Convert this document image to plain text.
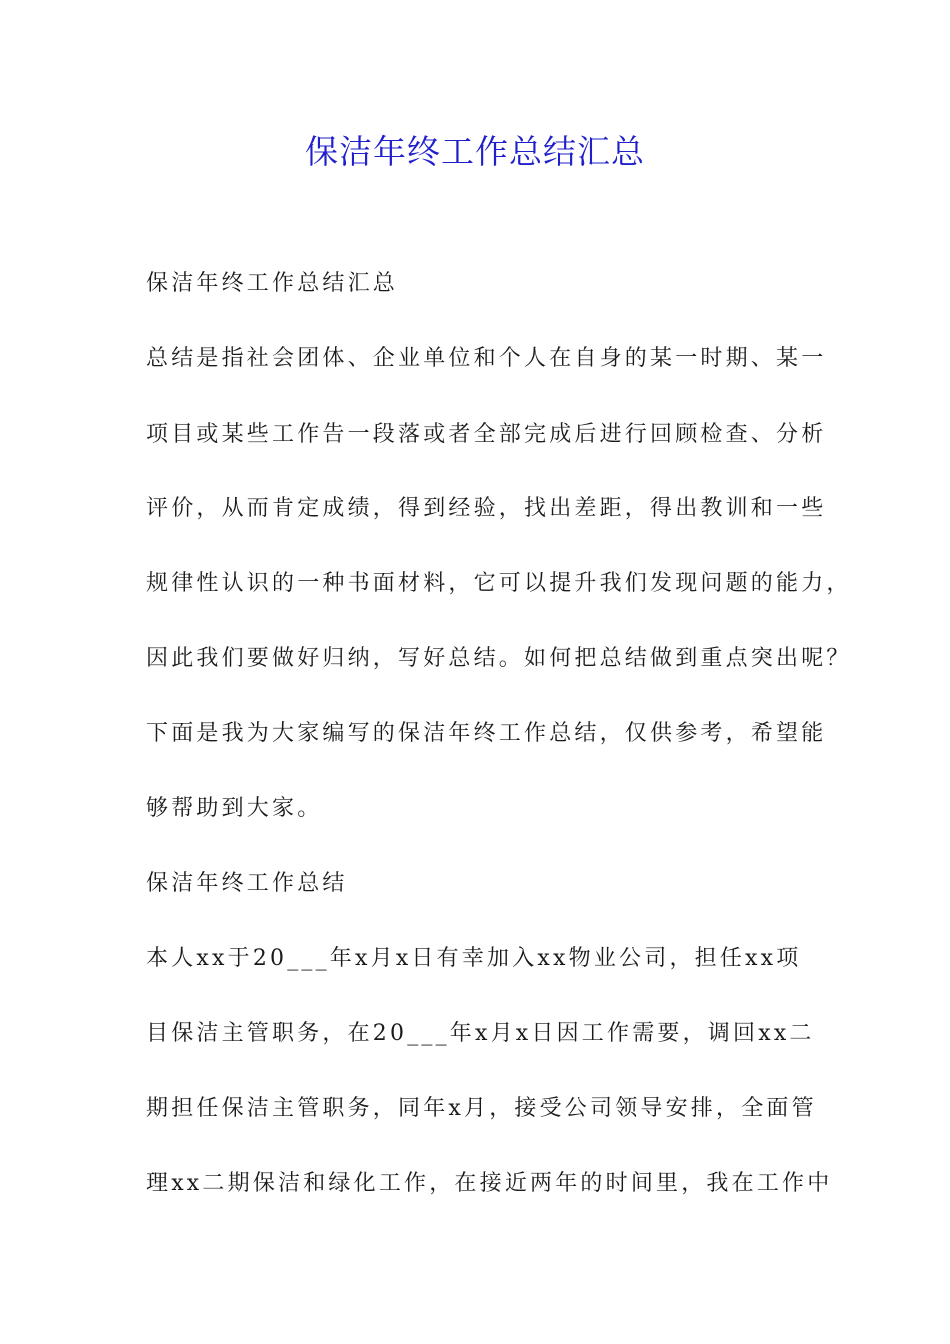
保洁年终工作总结汇总
保洁年终工作总结汇总
总结是指社会团体、企业单位和个人在自身的某一时期、某一
项目或某些工作告一段落或者全部完成后进行回顾检查、分析
评价，从而肯定成绩，得到经验，找出差距，得出教训和一些
规律性认识的一种书面材料，它可以提升我们发现问题的能力，
因此我们要做好归纳，写好总结。如何把总结做到重点突出呢？
下面是我为大家编写的保洁年终工作总结，仅供参考，希望能
够帮助到大家。
保洁年终工作总结
本人xx于20___年x月x日有幸加入xx物业公司，担任xx项
目保洁主管职务，在20___年x月x日因工作需要，调回xx二
期担任保洁主管职务，同年x月，接受公司领导安排，全面管
理xx二期保洁和绿化工作，在接近两年的时间里，我在工作中
